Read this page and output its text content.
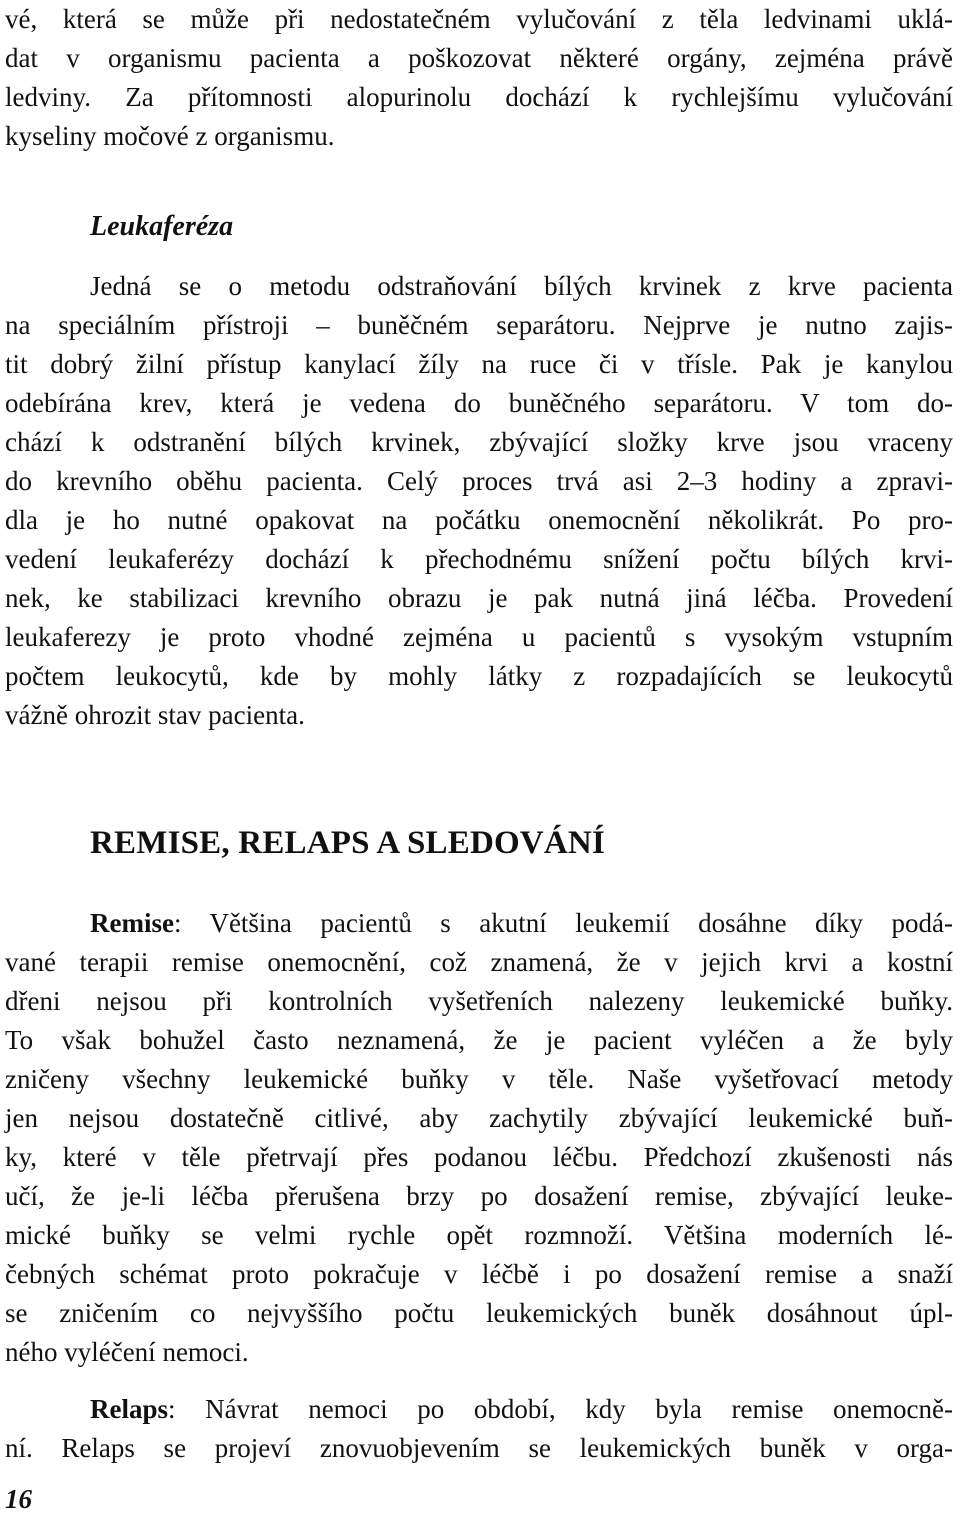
vé, která se může při nedostatečném vylučování z těla ledvinami uklá-
dat v organismu pacienta a poškozovat některé orgány, zejména právě
ledviny. Za přítomnosti alopurinolu dochází k rychlejšímu vylučování
kyseliny močové z organismu.
Leukaferéza
Jedná se o metodu odstraňování bílých krvinek z krve pacienta
na speciálním přístroji – buněčném separátoru. Nejprve je nutno zajis-
tit dobrý žilní přístup kanylací žíly na ruce či v třísle. Pak je kanylou
odebírána krev, která je vedena do buněčného separátoru. V tom do-
chází k odstranění bílých krvinek, zbývající složky krve jsou vraceny
do krevního oběhu pacienta. Celý proces trvá asi 2–3 hodiny a zpravi-
dla je ho nutné opakovat na počátku onemocnění několikrát. Po pro-
vedení leukaferézy dochází k přechodnému snížení počtu bílých krvi-
nek, ke stabilizaci krevního obrazu je pak nutná jiná léčba. Provedení
leukaferezy je proto vhodné zejména u pacientů s vysokým vstupním
počtem leukocytů, kde by mohly látky z rozpadajících se leukocytů
vážně ohrozit stav pacienta.
REMISE, RELAPS A SLEDOVÁNÍ
Remise: Většina pacientů s akutní leukemií dosáhne díky podá-
vané terapii remise onemocnění, což znamená, že v jejich krvi a kostní
dřeni nejsou při kontrolních vyšetřeních nalezeny leukemické buňky.
To však bohužel často neznamená, že je pacient vyléčen a že byly
zničeny všechny leukemické buňky v těle. Naše vyšetřovací metody
jen nejsou dostatečně citlivé, aby zachytily zbývající leukemické buň-
ky, které v těle přetrvají přes podanou léčbu. Předchozí zkušenosti nás
učí, že je-li léčba přerušena brzy po dosažení remise, zbývající leuke-
mické buňky se velmi rychle opět rozmnoží. Většina moderních lé-
čebných schémat proto pokračuje v léčbě i po dosažení remise a snaží
se zničením co nejvyššího počtu leukemických buněk dosáhnout úpl-
ného vyléčení nemoci.
Relaps: Návrat nemoci po období, kdy byla remise onemocně-
ní. Relaps se projeví znovuobjevením se leukemických buněk v orga-
16
